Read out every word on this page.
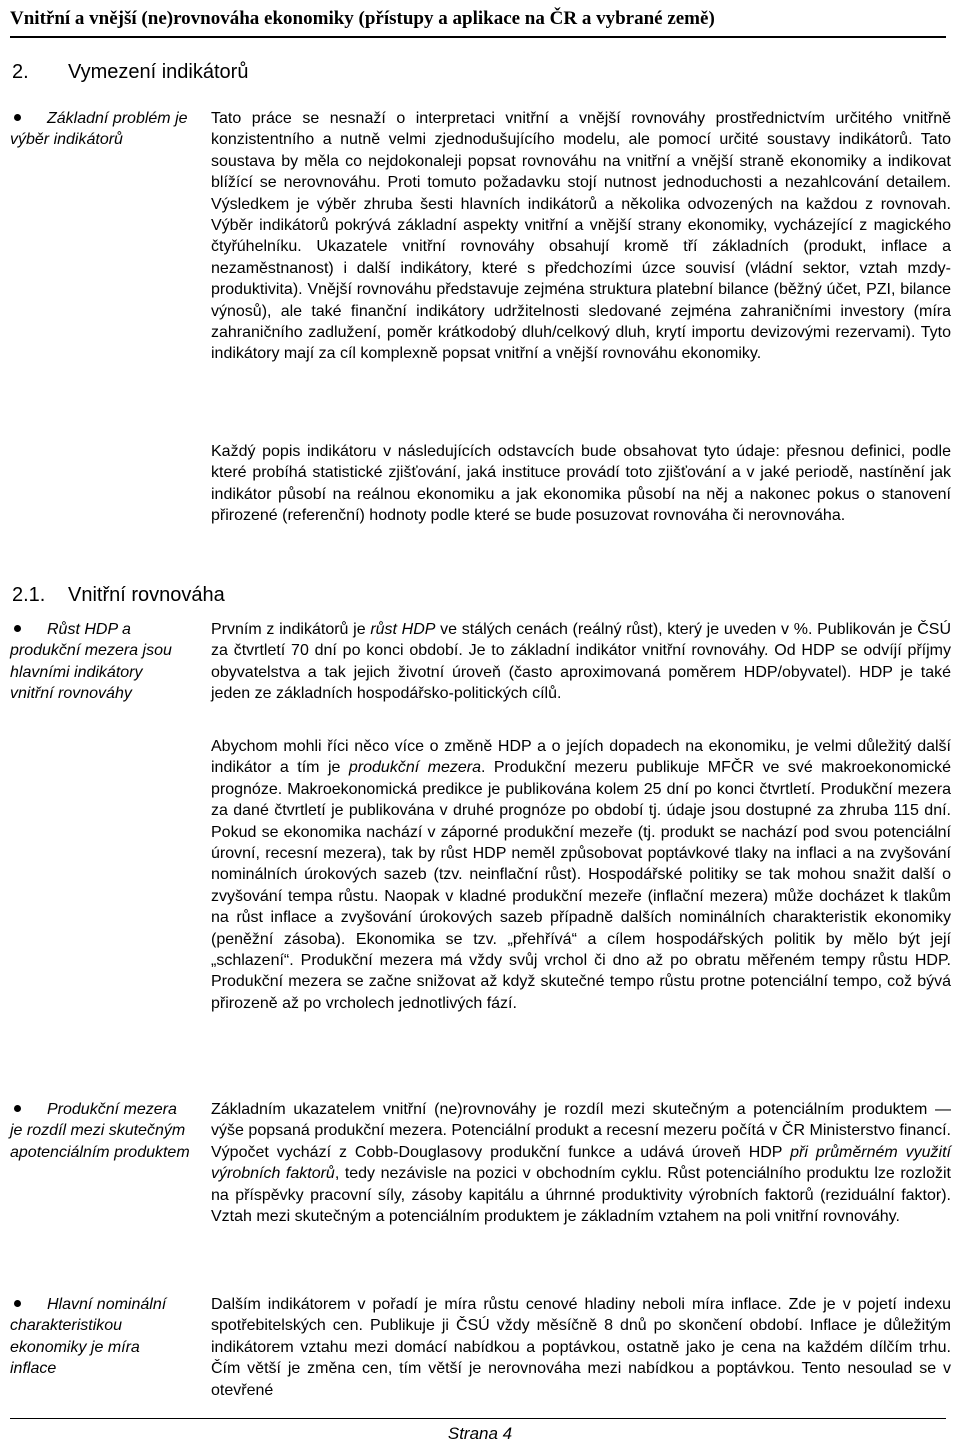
Vnitřní a vnější (ne)rovnováha ekonomiky (přístupy a aplikace na ČR a vybrané země)
2. Vymezení indikátorů
Základní problém je výběr indikátorů
Tato práce se nesnaží o interpretaci vnitřní a vnější rovnováhy prostřednictvím určitého vnitřně konzistentního a nutně velmi zjednodušujícího modelu, ale pomocí určité soustavy indikátorů. Tato soustava by měla co nejdokonaleji popsat rovnováhu na vnitřní a vnější straně ekonomiky a indikovat blížící se nerovnováhu. Proti tomuto požadavku stojí nutnost jednoduchosti a nezahlcování detailem. Výsledkem je výběr zhruba šesti hlavních indikátorů a několika odvozených na každou z rovnovah. Výběr indikátorů pokrývá základní aspekty vnitřní a vnější strany ekonomiky, vycházející z magického čtyřúhelníku. Ukazatele vnitřní rovnováhy obsahují kromě tří základních (produkt, inflace a nezaměstnanost) i další indikátory, které s předchozími úzce souvisí (vládní sektor, vztah mzdy-produktivita). Vnější rovnováhu představuje zejména struktura platební bilance (běžný účet, PZI, bilance výnosů), ale také finanční indikátory udržitelnosti sledované zejména zahraničními investory (míra zahraničního zadlužení, poměr krátkodobý dluh/celkový dluh, krytí importu devizovými rezervami). Tyto indikátory mají za cíl komplexně popsat vnitřní a vnější rovnováhu ekonomiky.
Každý popis indikátoru v následujících odstavcích bude obsahovat tyto údaje: přesnou definici, podle které probíhá statistické zjišťování, jaká instituce provádí toto zjišťování a v jaké periodě, nastínění jak indikátor působí na reálnou ekonomiku a jak ekonomika působí na něj a nakonec pokus o stanovení přirozené (referenční) hodnoty podle které se bude posuzovat rovnováha či nerovnováha.
2.1. Vnitřní rovnováha
Růst HDP a produkční mezera jsou hlavními indikátory vnitřní rovnováhy
Prvním z indikátorů je růst HDP ve stálých cenách (reálný růst), který je uveden v %. Publikován je ČSÚ za čtvrtletí 70 dní po konci období. Je to základní indikátor vnitřní rovnováhy. Od HDP se odvíjí příjmy obyvatelstva a tak jejich životní úroveň (často aproximovaná poměrem HDP/obyvatel). HDP je také jeden ze základních hospodářsko-politických cílů.
Abychom mohli říci něco více o změně HDP a o jejích dopadech na ekonomiku, je velmi důležitý další indikátor a tím je produkční mezera. Produkční mezeru publikuje MFČR ve své makroekonomické prognóze. Makroekonomická predikce je publikována kolem 25 dní po konci čtvrtletí. Produkční mezera za dané čtvrtletí je publikována v druhé prognóze po období tj. údaje jsou dostupné za zhruba 115 dní. Pokud se ekonomika nachází v záporné produkční mezeře (tj. produkt se nachází pod svou potenciální úrovní, recesní mezera), tak by růst HDP neměl způsobovat poptávkové tlaky na inflaci a na zvyšování nominálních úrokových sazeb (tzv. neinflační růst). Hospodářské politiky se tak mohou snažit další o zvyšování tempa růstu. Naopak v kladné produkční mezeře (inflační mezera) může docházet k tlakům na růst inflace a zvyšování úrokových sazeb případně dalších nominálních charakteristik ekonomiky (peněžní zásoba). Ekonomika se tzv. „přehřívá“ a cílem hospodářských politik by mělo být její „schlazení“. Produkční mezera má vždy svůj vrchol či dno až po obratu měřeném tempy růstu HDP. Produkční mezera se začne snižovat až když skutečné tempo růstu protne potenciální tempo, což bývá přirozeně až po vrcholech jednotlivých fází.
Produkční mezera je rozdíl mezi skutečným apotenciálním produktem
Základním ukazatelem vnitřní (ne)rovnováhy je rozdíl mezi skutečným a potenciálním produktem — výše popsaná produkční mezera. Potenciální produkt a recesní mezeru počítá v ČR Ministerstvo financí. Výpočet vychází z Cobb-Douglasovy produkční funkce a udává úroveň HDP při průměrném využití výrobních faktorů, tedy nezávisle na pozici v obchodním cyklu. Růst potenciálního produktu lze rozložit na příspěvky pracovní síly, zásoby kapitálu a úhrnné produktivity výrobních faktorů (reziduální faktor). Vztah mezi skutečným a potenciálním produktem je základním vztahem na poli vnitřní rovnováhy.
Hlavní nominální charakteristikou ekonomiky je míra inflace
Dalším indikátorem v pořadí je míra růstu cenové hladiny neboli míra inflace. Zde je v pojetí indexu spotřebitelských cen. Publikuje ji ČSÚ vždy měsíčně 8 dnů po skončení období. Inflace je důležitým indikátorem vztahu mezi domácí nabídkou a poptávkou, ostatně jako je cena na každém dílčím trhu. Čím větší je změna cen, tím větší je nerovnováha mezi nabídkou a poptávkou. Tento nesoulad se v otevřené
Strana 4
